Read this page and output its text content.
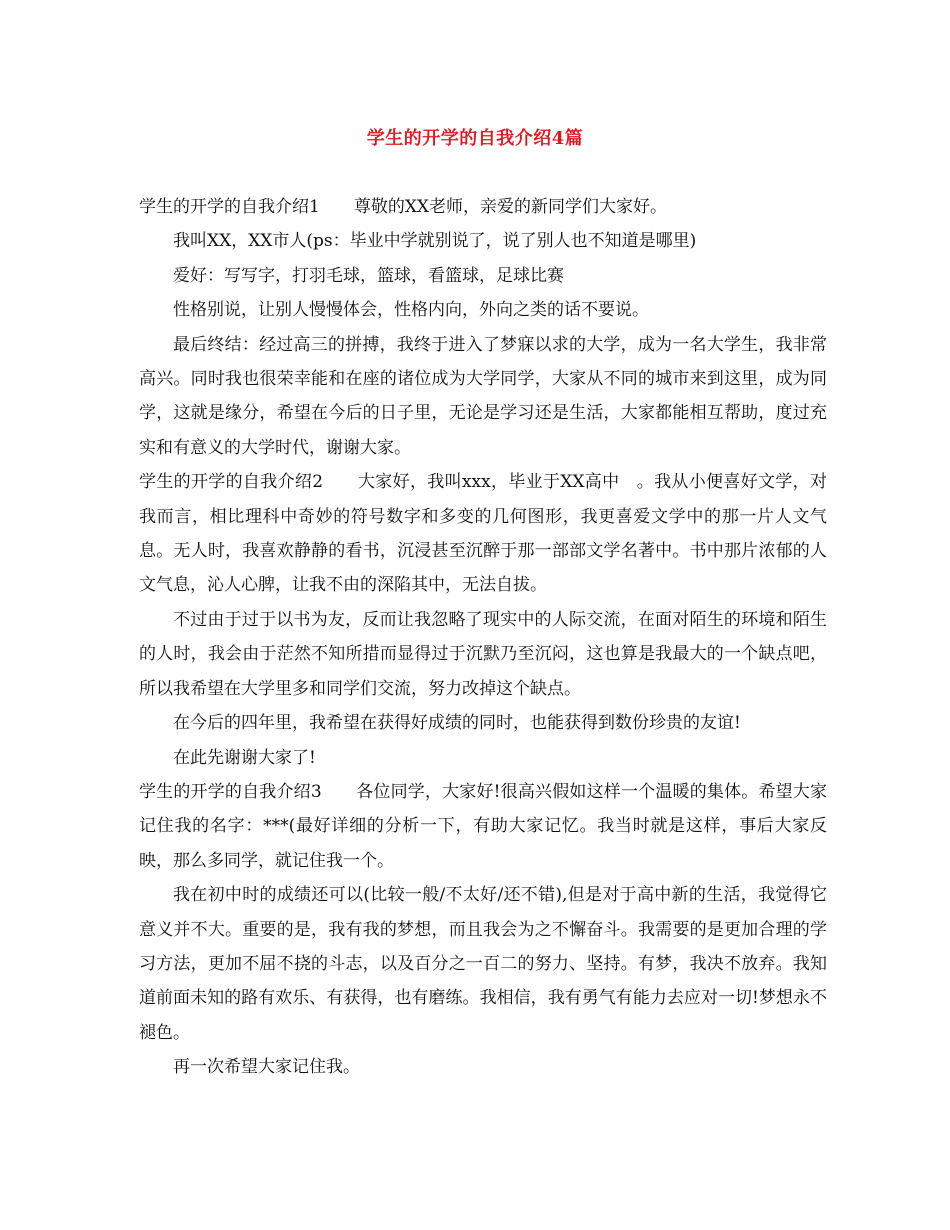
学生的开学的自我介绍4篇

学生的开学的自我介绍1　　尊敬的XX老师，亲爱的新同学们大家好。

我叫XX，XX市人(ps：毕业中学就别说了，说了别人也不知道是哪里)

爱好：写写字，打羽毛球，篮球，看篮球，足球比赛

性格别说，让别人慢慢体会，性格内向，外向之类的话不要说。

最后终结：经过高三的拼搏，我终于进入了梦寐以求的大学，成为一名大学生，我非常高兴。同时我也很荣幸能和在座的诸位成为大学同学，大家从不同的城市来到这里，成为同学，这就是缘分，希望在今后的日子里，无论是学习还是生活，大家都能相互帮助，度过充实和有意义的大学时代，谢谢大家。

学生的开学的自我介绍2　　大家好，我叫xxx，毕业于XX高中　。我从小便喜好文学，对我而言，相比理科中奇妙的符号数字和多变的几何图形，我更喜爱文学中的那一片人文气息。无人时，我喜欢静静的看书，沉浸甚至沉醉于那一部部文学名著中。书中那片浓郁的人文气息，沁人心脾，让我不由的深陷其中，无法自拔。

不过由于过于以书为友，反而让我忽略了现实中的人际交流，在面对陌生的环境和陌生的人时，我会由于茫然不知所措而显得过于沉默乃至沉闷，这也算是我最大的一个缺点吧，所以我希望在大学里多和同学们交流，努力改掉这个缺点。

在今后的四年里，我希望在获得好成绩的同时，也能获得到数份珍贵的友谊!

在此先谢谢大家了!

学生的开学的自我介绍3　　各位同学，大家好!很高兴假如这样一个温暖的集体。希望大家记住我的名字：***(最好详细的分析一下，有助大家记忆。我当时就是这样，事后大家反映，那么多同学，就记住我一个。

我在初中时的成绩还可以(比较一般/不太好/还不错),但是对于高中新的生活，我觉得它意义并不大。重要的是，我有我的梦想，而且我会为之不懈奋斗。我需要的是更加合理的学习方法，更加不屈不挠的斗志，以及百分之一百二的努力、坚持。有梦，我决不放弃。我知道前面未知的路有欢乐、有获得，也有磨练。我相信，我有勇气有能力去应对一切!梦想永不褪色。

再一次希望大家记住我。
